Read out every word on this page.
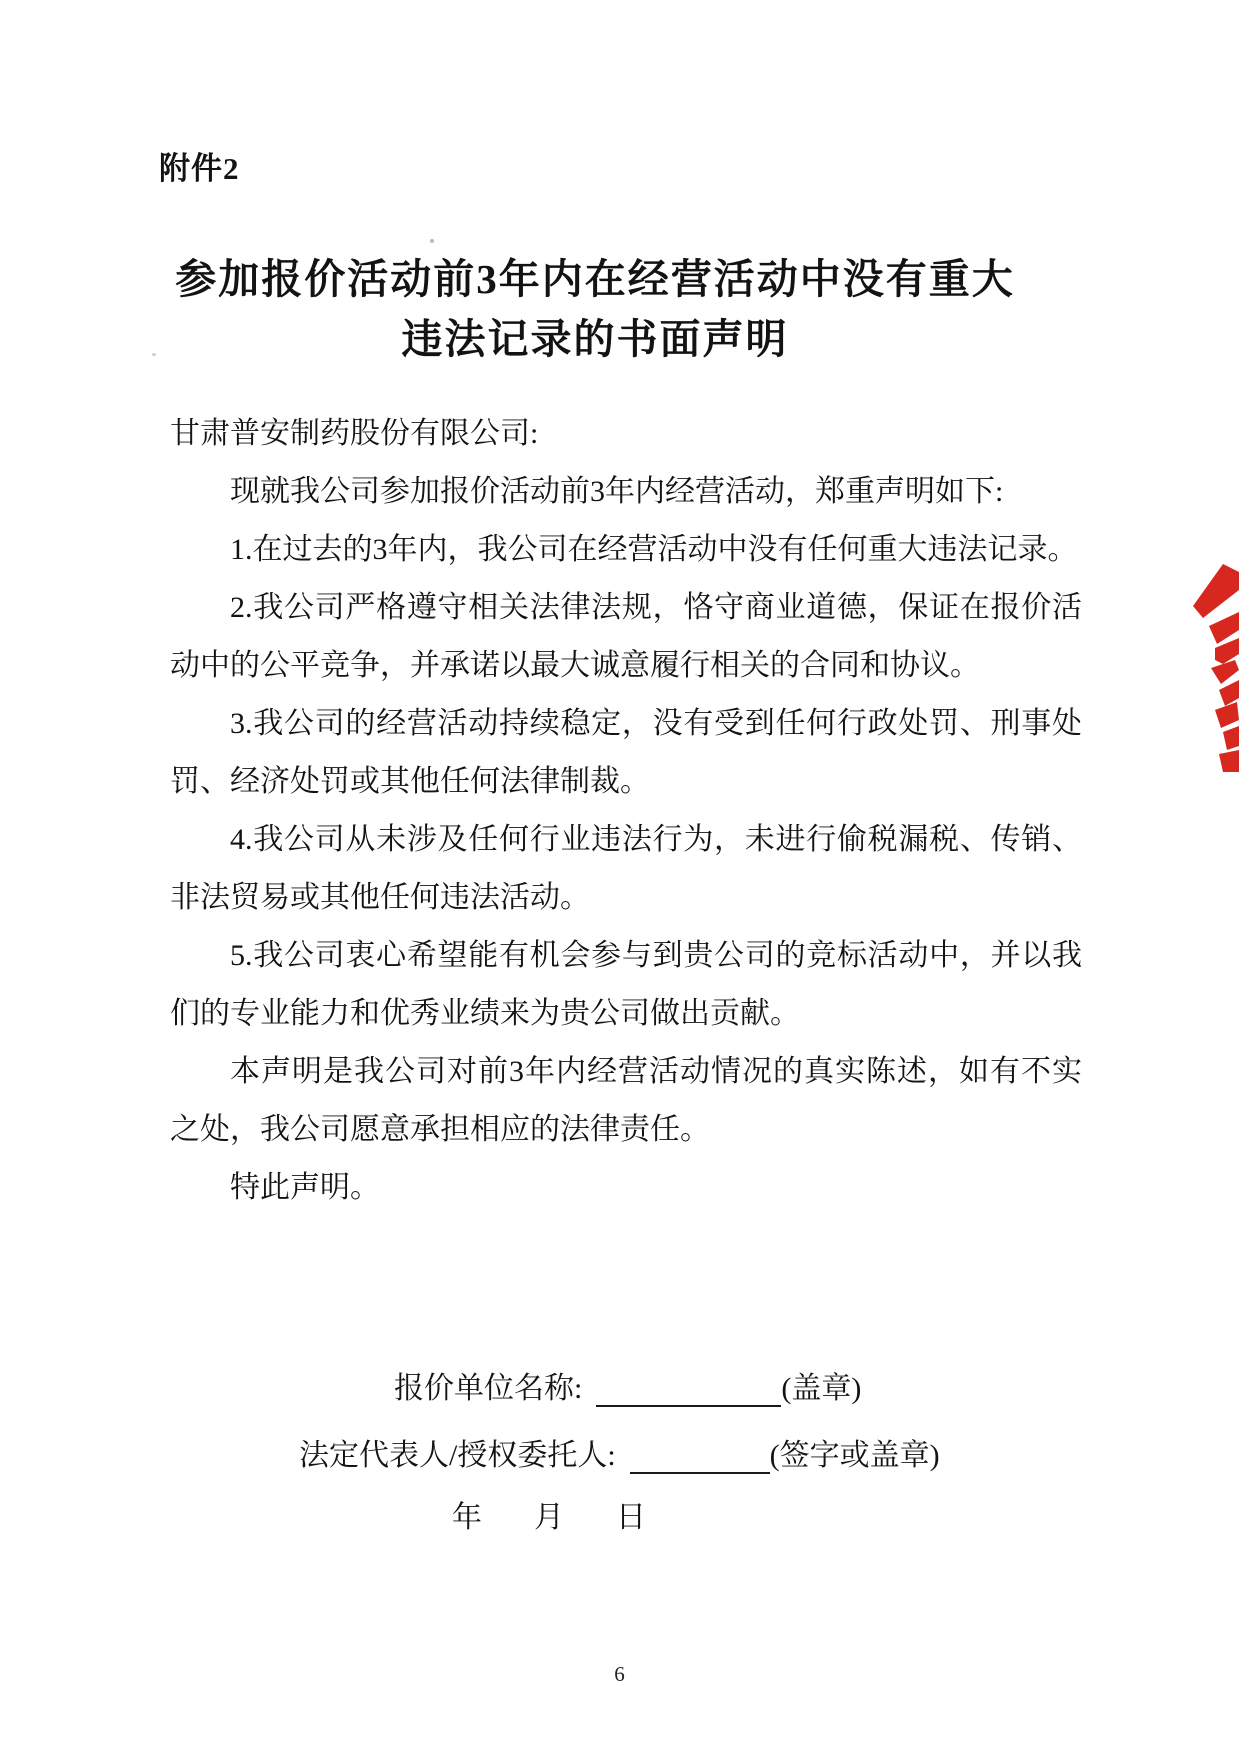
附件2
参加报价活动前3年内在经营活动中没有重大
违法记录的书面声明

甘肃普安制药股份有限公司:

现就我公司参加报价活动前3年内经营活动，郑重声明如下:

1.在过去的3年内，我公司在经营活动中没有任何重大违法记录。

2.我公司严格遵守相关法律法规，恪守商业道德，保证在报价活动中的公平竞争，并承诺以最大诚意履行相关的合同和协议。

3.我公司的经营活动持续稳定，没有受到任何行政处罚、刑事处罚、经济处罚或其他任何法律制裁。

4.我公司从未涉及任何行业违法行为，未进行偷税漏税、传销、非法贸易或其他任何违法活动。

5.我公司衷心希望能有机会参与到贵公司的竞标活动中，并以我们的专业能力和优秀业绩来为贵公司做出贡献。

本声明是我公司对前3年内经营活动情况的真实陈述，如有不实之处，我公司愿意承担相应的法律责任。

特此声明。

报价单位名称:	(盖章)
法定代表人/授权委托人:	(签字或盖章)
年 月 日
6
